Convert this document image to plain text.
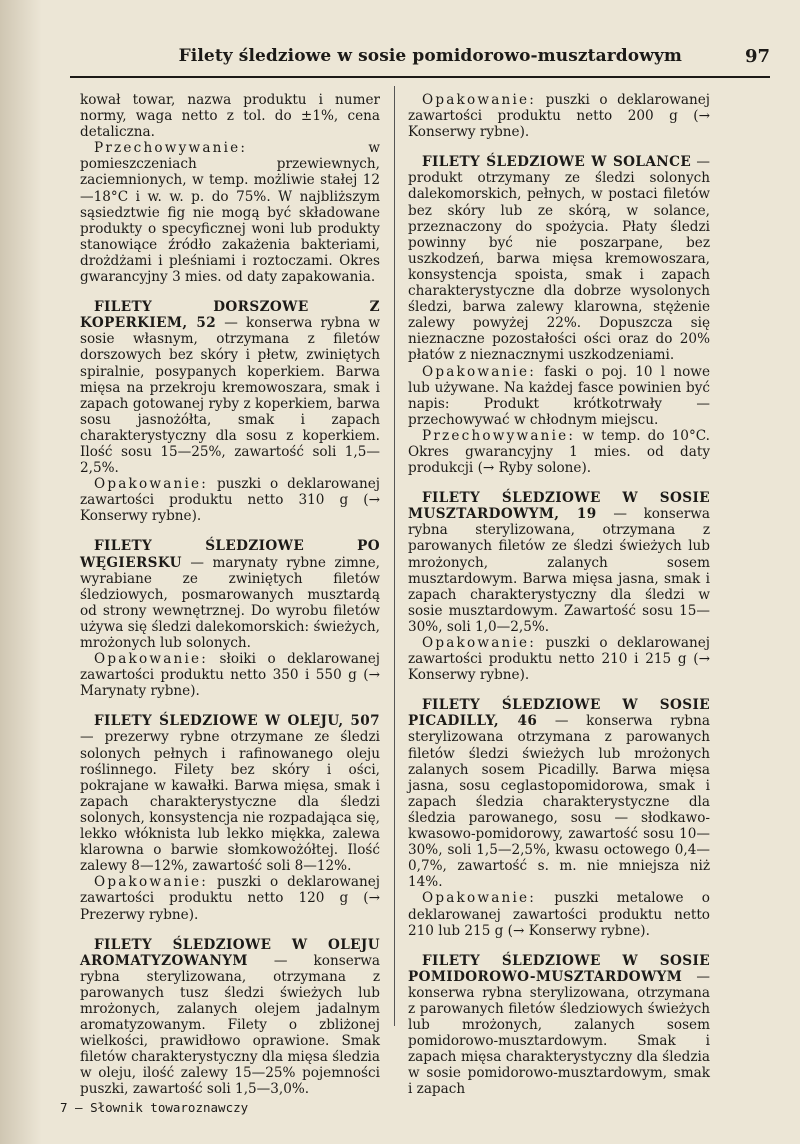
Filety śledziowe w sosie pomidorowo-musztardowym	97

kował towar, nazwa produktu i numer normy, waga netto z tol. do ±1%, cena detaliczna.

Przechowywanie:	w pomieszczeniach przewiewnych, zaciemnionych, w temp. możliwie stałej 12—18°C i w. w. p. do 75%. W najbliższym sąsiedztwie fig nie mogą być składowane produkty o specyficznej woni lub produkty stanowiące źródło zakażenia bakteriami, drożdżami i pleśniami i roztoczami. Okres gwarancyjny 3 mies. od daty zapakowania.

FILETY DORSZOWE Z KOPERKIEM, 52 — konserwa rybna w sosie własnym, otrzymana z filetów dorszowych bez skóry i płetw, zwiniętych spiralnie, posypanych koperkiem. Barwa mięsa na przekroju kremowoszara, smak i zapach gotowanej ryby z koperkiem, barwa sosu jasnożółta, smak i zapach charakterystyczny dla sosu z koperkiem. Ilość sosu 15—25%, zawartość soli 1,5—2,5%.

Opakowanie: puszki o deklarowanej zawartości produktu netto 310 g (→ Konserwy rybne).

FILETY ŚLEDZIOWE PO WĘGIERSKU — marynaty rybne zimne, wyrabiane ze zwiniętych filetów śledziowych, posmarowanych musztardą od strony wewnętrznej. Do wyrobu filetów używa się śledzi dalekomorskich: świeżych, mrożonych lub solonych.

Opakowanie: słoiki o deklarowanej zawartości produktu netto 350 i 550 g (→ Marynaty rybne).

FILETY ŚLEDZIOWE W OLEJU, 507 — prezerwy rybne otrzymane ze śledzi solonych pełnych i rafinowanego oleju roślinnego. Filety bez skóry i ości, pokrajane w kawałki. Barwa mięsa, smak i zapach charakterystyczne dla śledzi solonych, konsystencja nie rozpadająca się, lekko włóknista lub lekko miękka, zalewa klarowna o barwie słomkowożółtej. Ilość zalewy 8—12%, zawartość soli 8—12%.

Opakowanie: puszki o deklarowanej zawartości produktu netto 120 g (→ Prezerwy rybne).

FILETY ŚLEDZIOWE W OLEJU AROMATYZOWANYM — konserwa rybna sterylizowana, otrzymana z parowanych tusz śledzi świeżych lub mrożonych, zalanych olejem jadalnym aromatyzowanym. Filety o zbliżonej wielkości, prawidłowo oprawione. Smak filetów charakterystyczny dla mięsa śledzia w oleju, ilość zalewy 15—25% pojemności puszki, zawartość soli 1,5—3,0%.

Opakowanie: puszki o deklarowanej zawartości produktu netto 200 g (→ Konserwy rybne).

FILETY ŚLEDZIOWE W SOLANCE — produkt otrzymany ze śledzi solonych dalekomorskich, pełnych, w postaci filetów bez skóry lub ze skórą, w solance, przeznaczony do spożycia. Płaty śledzi powinny być nie poszarpane, bez uszkodzeń, barwa mięsa kremowoszara, konsystencja spoista, smak i zapach charakterystyczne dla dobrze wysolonych śledzi, barwa zalewy klarowna, stężenie zalewy powyżej 22%. Dopuszcza się nieznaczne pozostałości ości oraz do 20% płatów z nieznacznymi uszkodzeniami.

Opakowanie: faski o poj. 10 l nowe lub używane. Na każdej fasce powinien być napis: Produkt krótkotrwały — przechowywać w chłodnym miejscu.

Przechowywanie: w temp. do 10°C. Okres gwarancyjny 1 mies. od daty produkcji (→ Ryby solone).

FILETY ŚLEDZIOWE W SOSIE MUSZTARDOWYM, 19 — konserwa rybna sterylizowana, otrzymana z parowanych filetów ze śledzi świeżych lub mrożonych, zalanych sosem musztardowym. Barwa mięsa jasna, smak i zapach charakterystyczny dla śledzi w sosie musztardowym. Zawartość sosu 15—30%, soli 1,0—2,5%.

Opakowanie: puszki o deklarowanej zawartości produktu netto 210 i 215 g (→ Konserwy rybne).

FILETY ŚLEDZIOWE W SOSIE PICADILLY, 46 — konserwa rybna sterylizowana otrzymana z parowanych filetów śledzi świeżych lub mrożonych zalanych sosem Picadilly. Barwa mięsa jasna, sosu ceglastopomidorowa, smak i zapach śledzia charakterystyczne dla śledzia parowanego, sosu — słodkawo-kwasowo-pomidorowy, zawartość sosu 10—30%, soli 1,5—2,5%, kwasu octowego 0,4—0,7%, zawartość s. m. nie mniejsza niż 14%.

Opakowanie: puszki metalowe o deklarowanej zawartości produktu netto 210 lub 215 g (→ Konserwy rybne).

FILETY ŚLEDZIOWE W SOSIE POMIDOROWO-MUSZTARDOWYM — konserwa rybna sterylizowana, otrzymana z parowanych filetów śledziowych świeżych lub mrożonych, zalanych sosem pomidorowo-musztardowym. Smak i zapach mięsa charakterystyczny dla śledzia w sosie pomidorowo-musztardowym, smak i zapach

7 — Słownik towaroznawczy
